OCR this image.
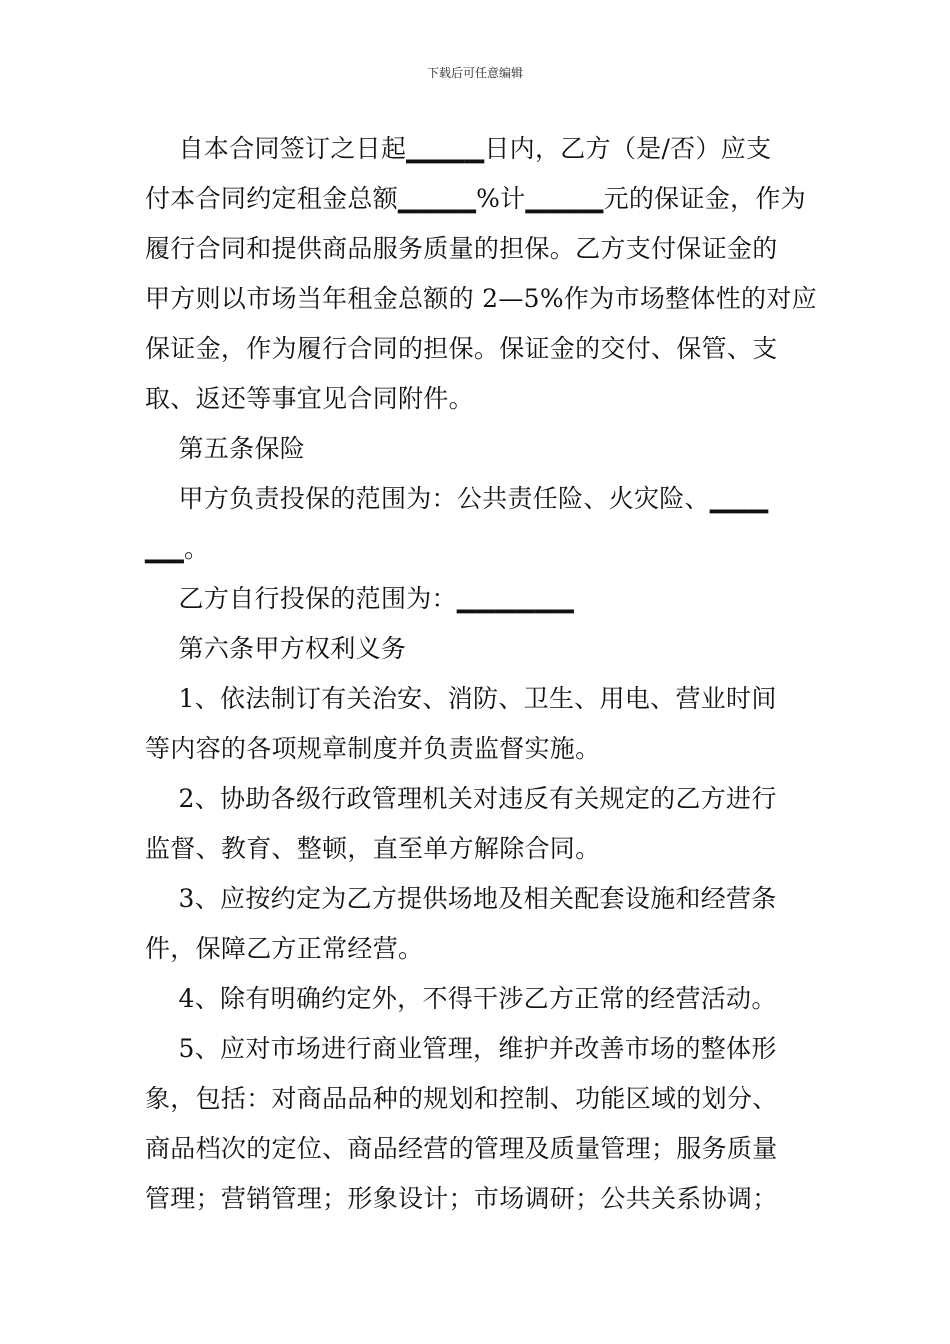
下载后可任意编辑
　 自本合同签订之日起▁▁▁▁日内，乙方（是/否）应支
付本合同约定租金总额▁▁▁▁%计▁▁▁▁元的保证金，作为
履行合同和提供商品服务质量的担保。乙方支付保证金的
甲方则以市场当年租金总额的 2—5%作为市场整体性的对应
保证金，作为履行合同的担保。保证金的交付、保管、支
取、返还等事宜见合同附件。
　 第五条保险
　 甲方负责投保的范围为：公共责任险、火灾险、▁▁▁
▁▁。
　 乙方自行投保的范围为：▁▁▁▁▁▁
　 第六条甲方权利义务
　 1、依法制订有关治安、消防、卫生、用电、营业时间
等内容的各项规章制度并负责监督实施。
　 2、协助各级行政管理机关对违反有关规定的乙方进行
监督、教育、整顿，直至单方解除合同。
　 3、应按约定为乙方提供场地及相关配套设施和经营条
件，保障乙方正常经营。
　 4、除有明确约定外，不得干涉乙方正常的经营活动。
　 5、应对市场进行商业管理，维护并改善市场的整体形
象，包括：对商品品种的规划和控制、功能区域的划分、
商品档次的定位、商品经营的管理及质量管理；服务质量
管理；营销管理；形象设计；市场调研；公共关系协调；
